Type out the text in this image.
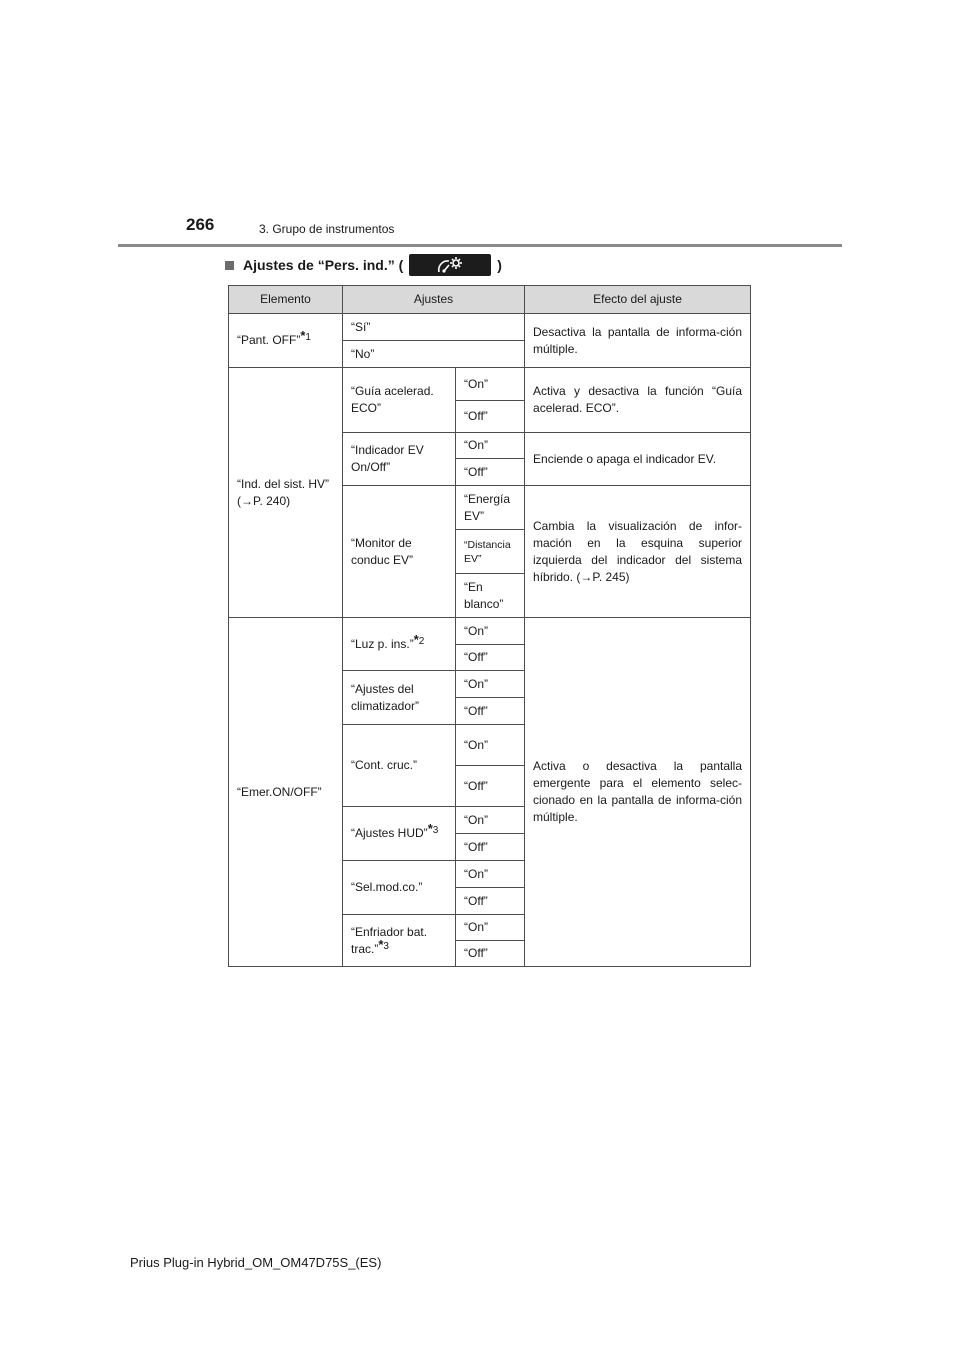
266	3. Grupo de instrumentos
Ajustes de “Pers. ind.” (	)
Elemento	Ajustes		Efecto del ajuste
“Pant. OFF”$^{*1}$	“Sí”		Desactiva la pantalla de informa-ción múltiple.
	“No”		
“Ind. del sist. HV” (→P. 240)	“Guía acelerad. ECO”	“On”	Activa y desactiva la función “Guía acelerad. ECO”.
		“Off”	
	“Indicador EV On/Off”	“On”	Enciende o apaga el indicador EV.
		“Off”	
	“Monitor de conduc EV”	“Energía EV”	Cambia la visualización de infor-mación en la esquina superior izquierda del indicador del sistema híbrido. (→P. 245)
		“Distancia EV”	
		“En blanco”	
“Emer.ON/OFF”	“Luz p. ins.”$^{*2}$	“On”	Activa o desactiva la pantalla emergente para el elemento selec-cionado en la pantalla de informa-ción múltiple.
		“Off”	
	“Ajustes del climatizador”	“On”	
		“Off”	
	“Cont. cruc.”	“On”	
		“Off”	
	“Ajustes HUD”$^{*3}$	“On”	
		“Off”	
	“Sel.mod.co.”	“On”	
		“Off”	
	“Enfriador bat. trac.”$^{*3}$	“On”	
		“Off”	
Prius Plug-in Hybrid_OM_OM47D75S_(ES)
